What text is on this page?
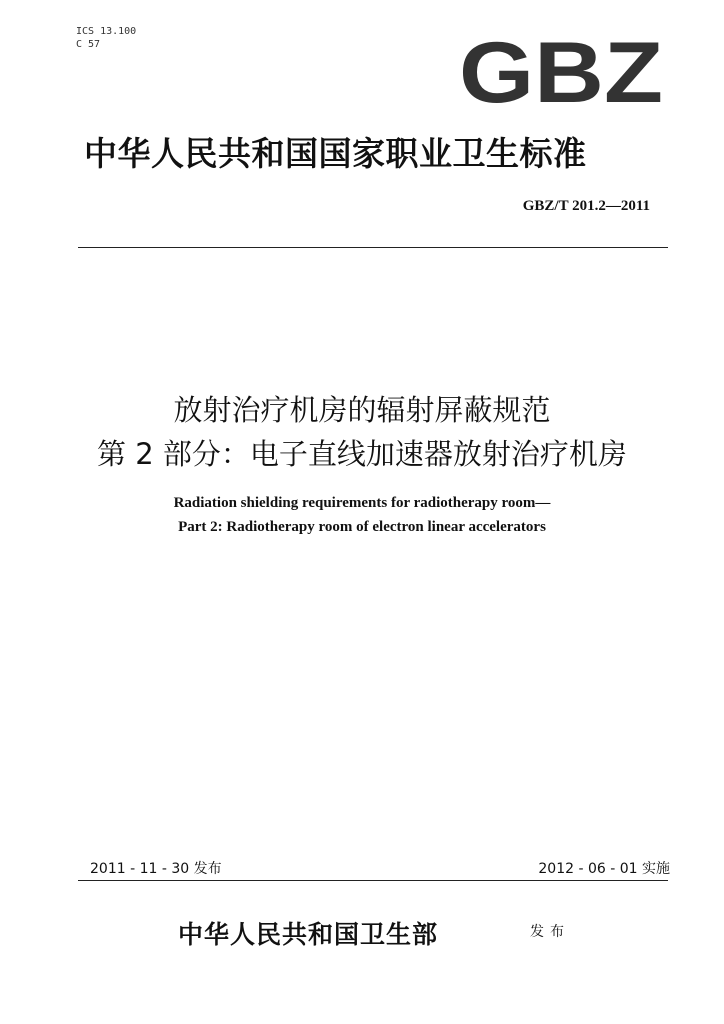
ICS 13.100
C 57	GBZ
中华人民共和国国家职业卫生标准
GBZ/T 201.2—2011
放射治疗机房的辐射屏蔽规范
第 2 部分：电子直线加速器放射治疗机房
Radiation shielding requirements for radiotherapy room—
Part 2: Radiotherapy room of electron linear accelerators
2011 - 11 - 30 发布	2012 - 06 - 01 实施
中华人民共和国卫生部	发布
